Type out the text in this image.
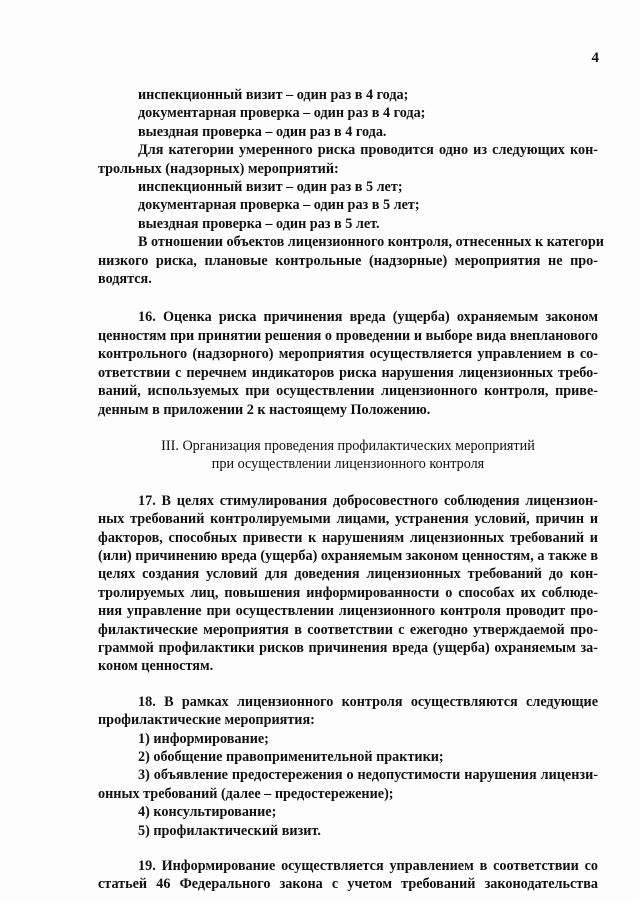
4
инспекционный визит – один раз в 4 года;
документарная проверка – один раз в 4 года;
выездная проверка – один раз в 4 года.
Для категории умеренного риска проводится одно из следующих кон-
трольных (надзорных) мероприятий:
инспекционный визит – один раз в 5 лет;
документарная проверка – один раз в 5 лет;
выездная проверка – один раз в 5 лет.
В отношении объектов лицензионного контроля, отнесенных к категори
низкого риска, плановые контрольные (надзорные) мероприятия не про-
водятся.
16. Оценка риска причинения вреда (ущерба) охраняемым законом
ценностям при принятии решения о проведении и выборе вида внепланового
контрольного (надзорного) мероприятия осуществляется управлением в со-
ответствии с перечнем индикаторов риска нарушения лицензионных требо-
ваний, используемых при осуществлении лицензионного контроля, приве-
денным в приложении 2 к настоящему Положению.
III. Организация проведения профилактических мероприятий
при осуществлении лицензионного контроля
17. В целях стимулирования добросовестного соблюдения лицензион-
ных требований контролируемыми лицами, устранения условий, причин и
факторов, способных привести к нарушениям лицензионных требований и
(или) причинению вреда (ущерба) охраняемым законом ценностям, а также в
целях создания условий для доведения лицензионных требований до кон-
тролируемых лиц, повышения информированности о способах их соблюде-
ния управление при осуществлении лицензионного контроля проводит про-
филактические мероприятия в соответствии с ежегодно утверждаемой про-
граммой профилактики рисков причинения вреда (ущерба) охраняемым за-
коном ценностям.
18. В рамках лицензионного контроля осуществляются следующие
профилактические мероприятия:
1) информирование;
2) обобщение правоприменительной практики;
3) объявление предостережения о недопустимости нарушения лицензи-
онных требований (далее – предостережение);
4) консультирование;
5) профилактический визит.
19. Информирование осуществляется управлением в соответствии со
статьей 46 Федерального закона с учетом требований законодательства
